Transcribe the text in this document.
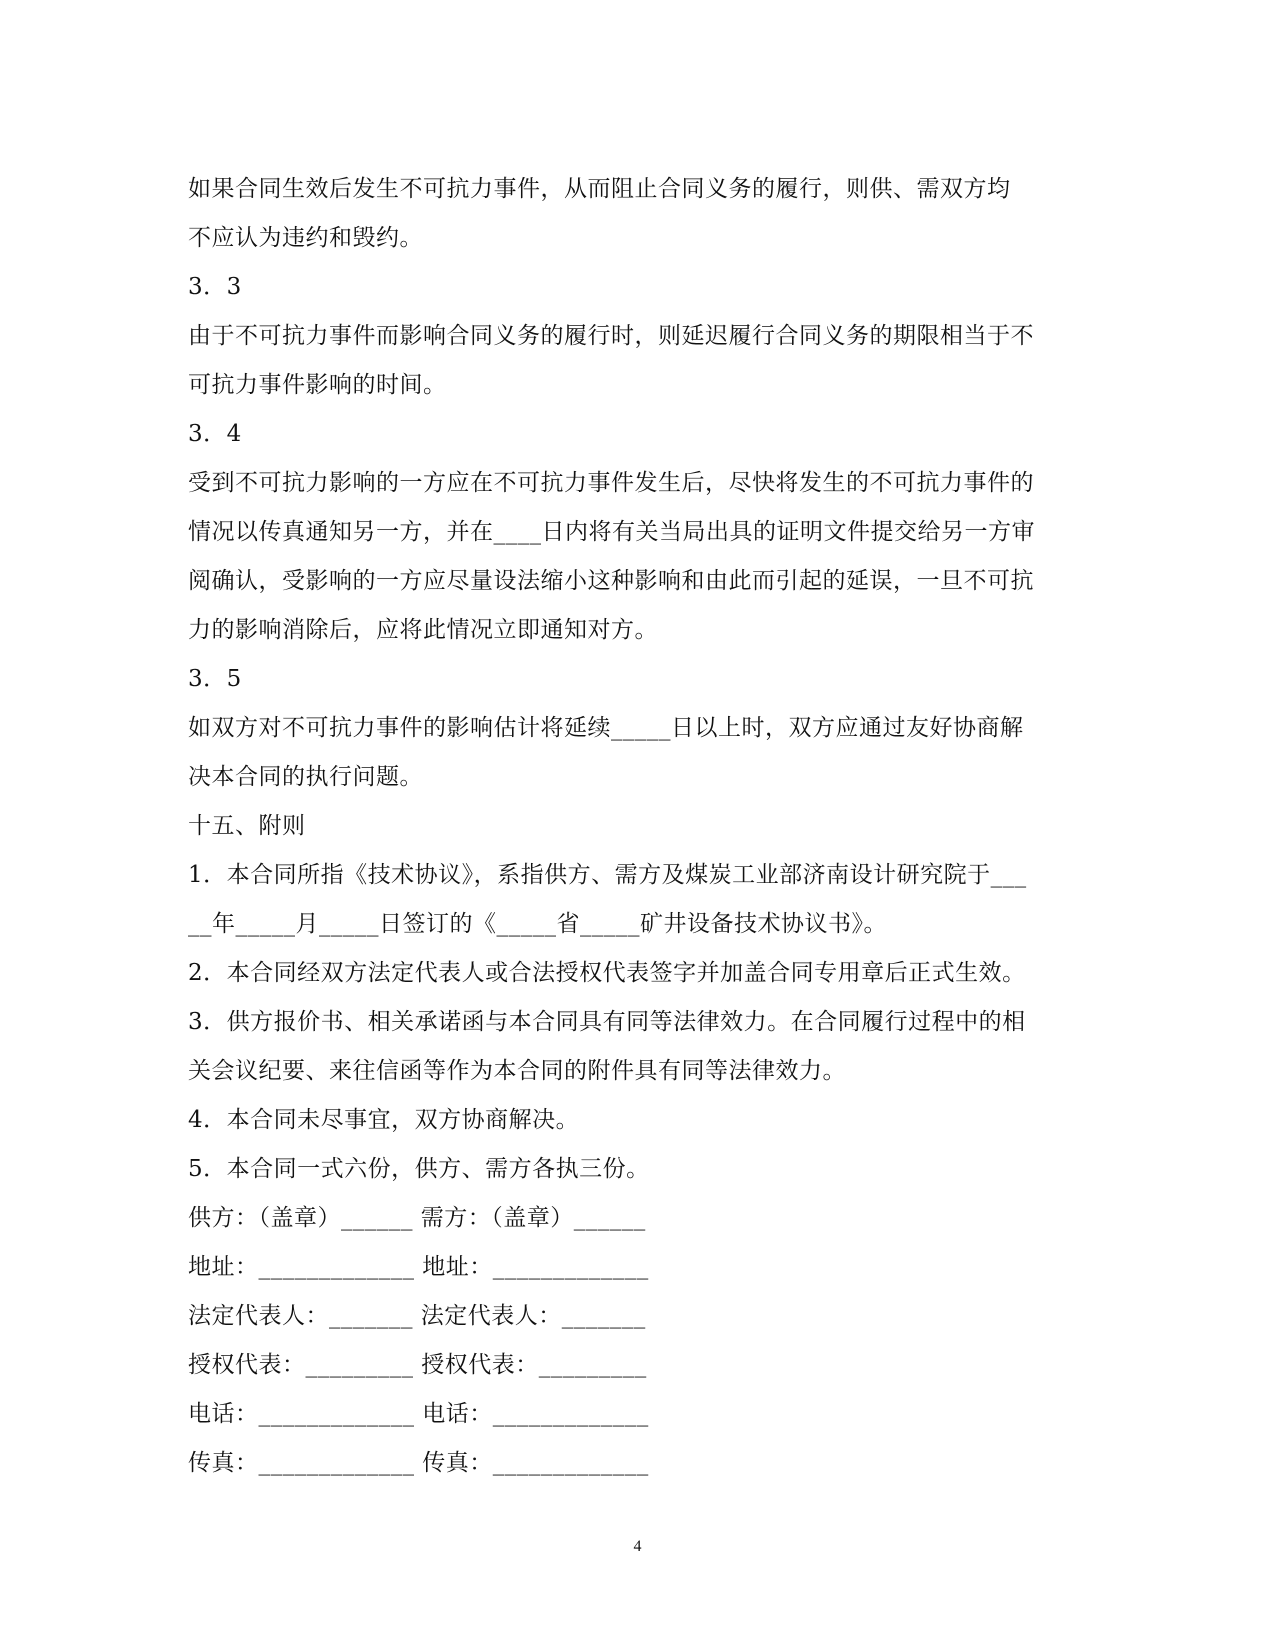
如果合同生效后发生不可抗力事件，从而阻止合同义务的履行，则供、需双方均
不应认为违约和毁约。
3．3
由于不可抗力事件而影响合同义务的履行时，则延迟履行合同义务的期限相当于不
可抗力事件影响的时间。
3．4
受到不可抗力影响的一方应在不可抗力事件发生后，尽快将发生的不可抗力事件的
情况以传真通知另一方，并在____日内将有关当局出具的证明文件提交给另一方审
阅确认，受影响的一方应尽量设法缩小这种影响和由此而引起的延误，一旦不可抗
力的影响消除后，应将此情况立即通知对方。
3．5
如双方对不可抗力事件的影响估计将延续_____日以上时，双方应通过友好协商解
决本合同的执行问题。
十五、附则
1．本合同所指《技术协议》，系指供方、需方及煤炭工业部济南设计研究院于___
__年_____月_____日签订的《_____省_____矿井设备技术协议书》。
2．本合同经双方法定代表人或合法授权代表签字并加盖合同专用章后正式生效。
3．供方报价书、相关承诺函与本合同具有同等法律效力。在合同履行过程中的相
关会议纪要、来往信函等作为本合同的附件具有同等法律效力。
4．本合同未尽事宜，双方协商解决。
5．本合同一式六份，供方、需方各执三份。
供方：（盖章）______ 需方：（盖章）______
地址：_____________ 地址：_____________
法定代表人：_______ 法定代表人：_______
授权代表：_________ 授权代表：_________
电话：_____________ 电话：_____________
传真：_____________ 传真：_____________
4
